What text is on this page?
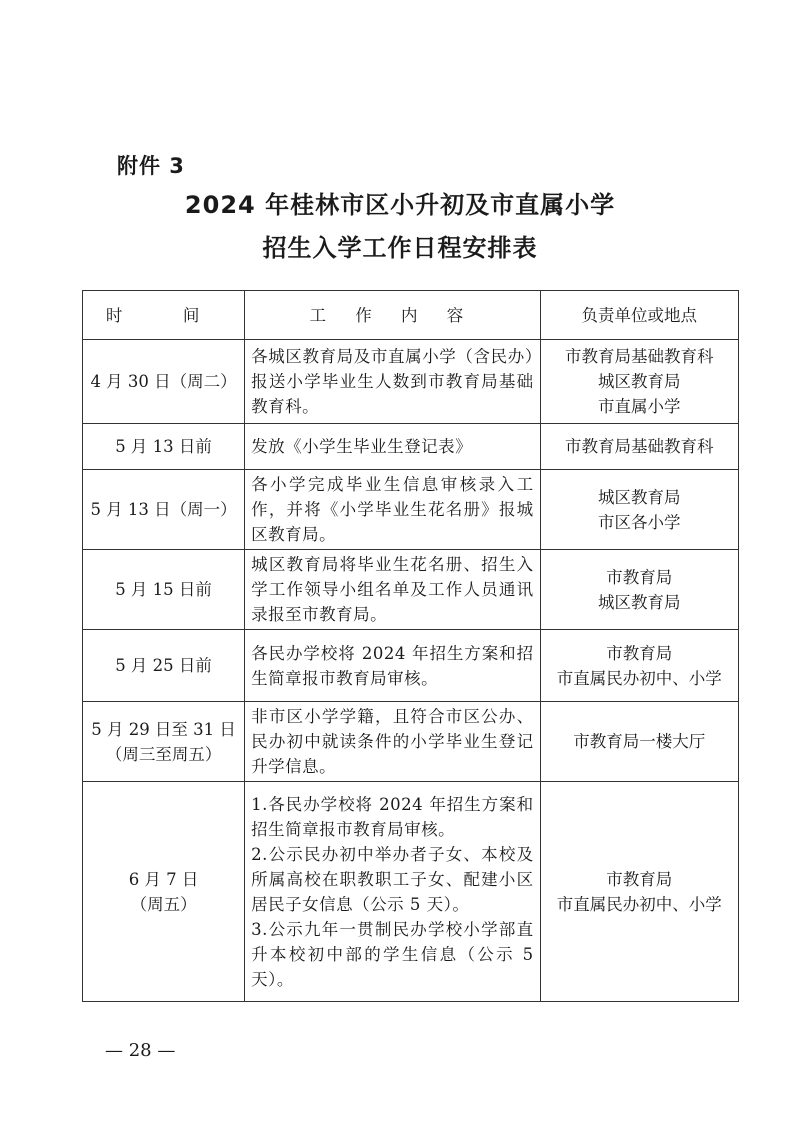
附件 3
2024 年桂林市区小升初及市直属小学
招生入学工作日程安排表
时　间	工 作 内 容	负责单位或地点

4 月 30 日（周二）	各城区教育局及市直属小学（含民办）报送小学毕业生人数到市教育局基础教育科。	市教育局基础教育科
城区教育局
市直属小学

5 月 13 日前	发放《小学生毕业生登记表》	市教育局基础教育科

5 月 13 日（周一）	各小学完成毕业生信息审核录入工作，并将《小学毕业生花名册》报城区教育局。	城区教育局
市区各小学

5 月 15 日前	城区教育局将毕业生花名册、招生入学工作领导小组名单及工作人员通讯录报至市教育局。	市教育局
城区教育局

5 月 25 日前	各民办学校将 2024 年招生方案和招生简章报市教育局审核。	市教育局
市直属民办初中、小学

5 月 29 日至 31 日
（周三至周五）	非市区小学学籍，且符合市区公办、民办初中就读条件的小学毕业生登记升学信息。	市教育局一楼大厅

6 月 7 日
（周五）	1.各民办学校将 2024 年招生方案和招生简章报市教育局审核。
2.公示民办初中举办者子女、本校及所属高校在职教职工子女、配建小区居民子女信息（公示 5 天）。
3.公示九年一贯制民办学校小学部直升本校初中部的学生信息（公示 5 天）。	市教育局
市直属民办初中、小学
— 28 —
